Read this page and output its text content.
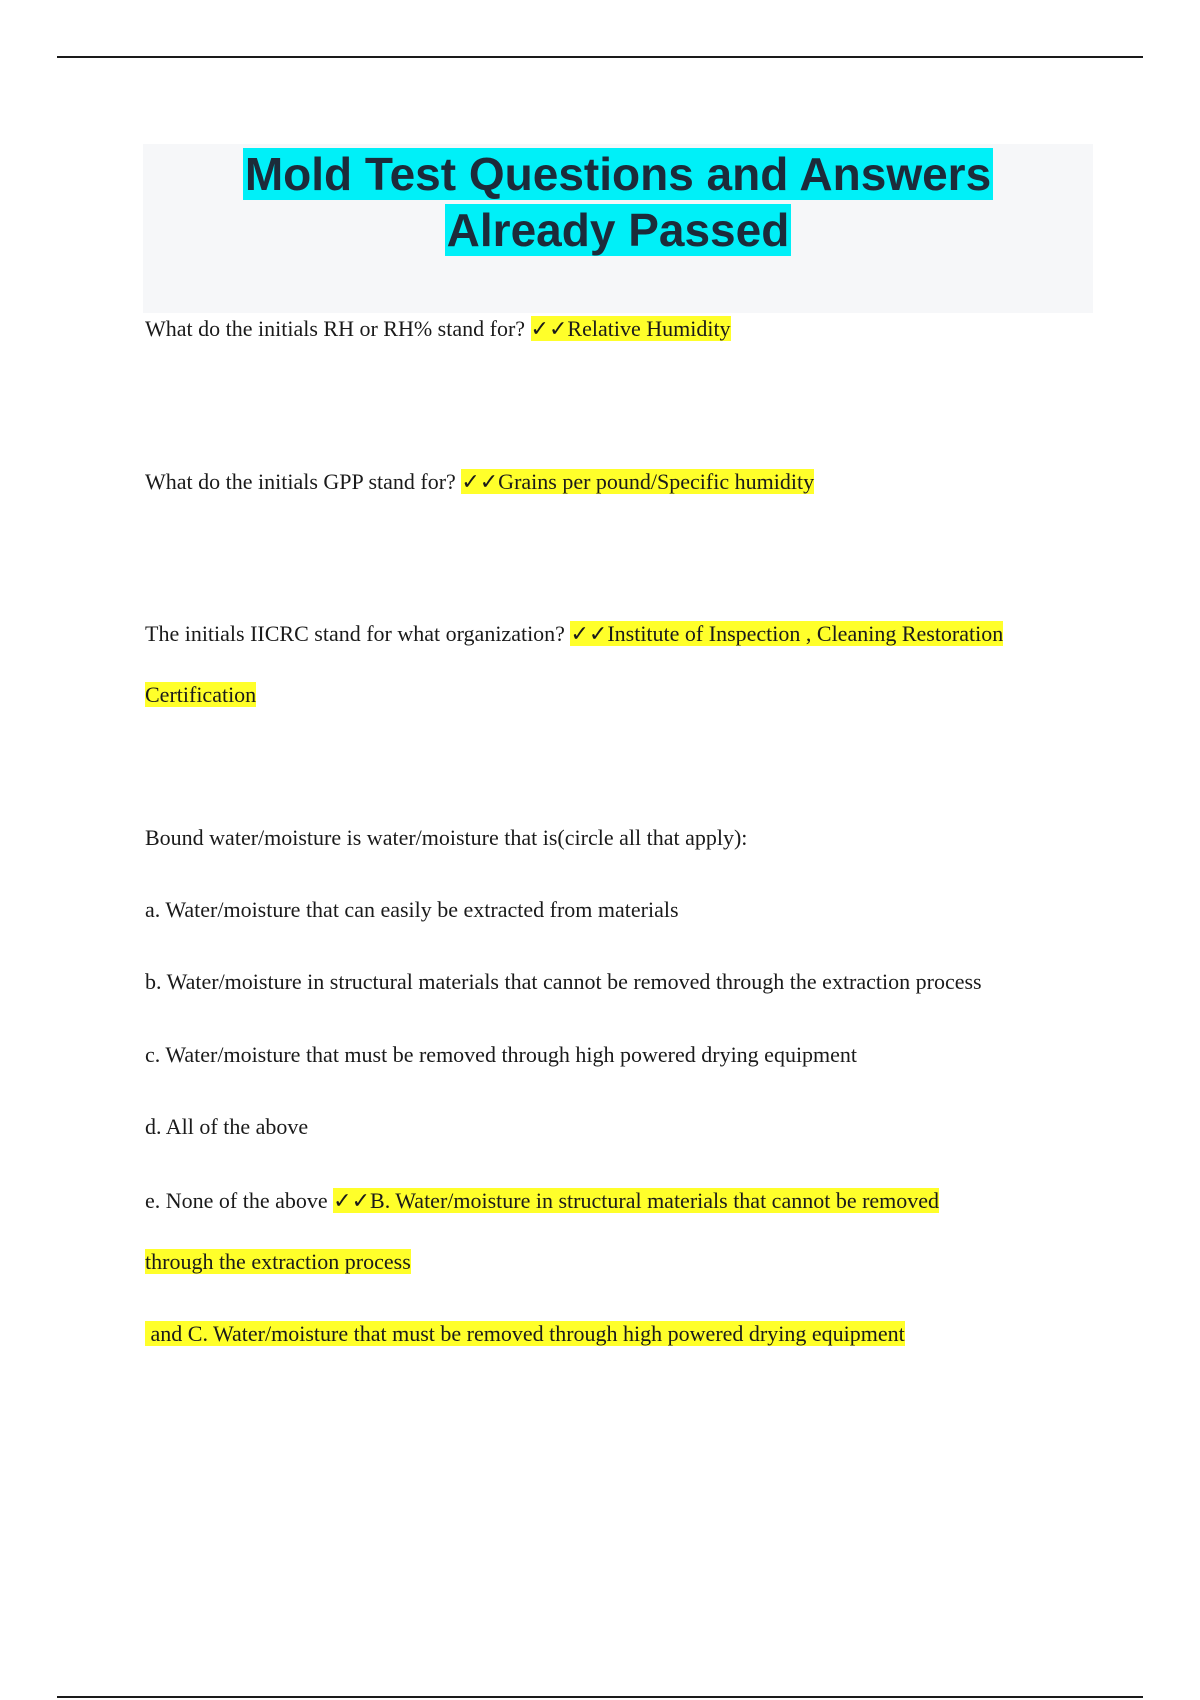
Mold Test Questions and Answers
Already Passed
What do the initials RH or RH% stand for? ✓✓Relative Humidity
What do the initials GPP stand for? ✓✓Grains per pound/Specific humidity
The initials IICRC stand for what organization? ✓✓Institute of Inspection , Cleaning Restoration
Certification
Bound water/moisture is water/moisture that is(circle all that apply):
a. Water/moisture that can easily be extracted from materials
b. Water/moisture in structural materials that cannot be removed through the extraction process
c. Water/moisture that must be removed through high powered drying equipment
d. All of the above
e. None of the above ✓✓B. Water/moisture in structural materials that cannot be removed
through the extraction process
and C. Water/moisture that must be removed through high powered drying equipment
